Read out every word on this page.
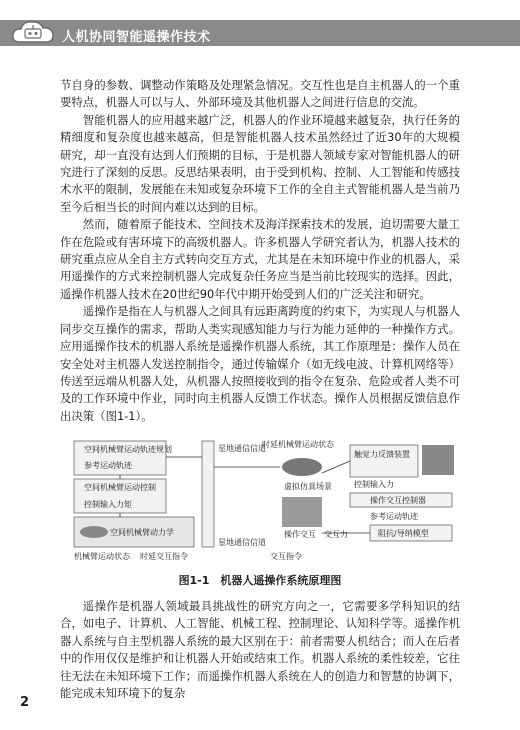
人机协同智能遥操作技术

节自身的参数、调整动作策略及处理紧急情况。交互性也是自主机器人的一个重要特点，机器人可以与人、外部环境及其他机器人之间进行信息的交流。

智能机器人的应用越来越广泛，机器人的作业环境越来越复杂，执行任务的精细度和复杂度也越来越高，但是智能机器人技术虽然经过了近30年的大规模研究，却一直没有达到人们预期的目标，于是机器人领域专家对智能机器人的研究进行了深刻的反思。反思结果表明，由于受到机构、控制、人工智能和传感技术水平的限制，发展能在未知或复杂环境下工作的全自主式智能机器人是当前乃至今后相当长的时间内难以达到的目标。

然而，随着原子能技术、空间技术及海洋探索技术的发展，迫切需要大量工作在危险或有害环境下的高级机器人。许多机器人学研究者认为，机器人技术的研究重点应从全自主方式转向交互方式，尤其是在未知环境中作业的机器人，采用遥操作的方式来控制机器人完成复杂任务应当是当前比较现实的选择。因此，遥操作机器人技术在20世纪90年代中期开始受到人们的广泛关注和研究。

遥操作是指在人与机器人之间具有远距离跨度的约束下，为实现人与机器人同步交互操作的需求，帮助人类实现感知能力与行为能力延伸的一种操作方式。应用遥操作技术的机器人系统是遥操作机器人系统，其工作原理是：操作人员在安全处对主机器人发送控制指令，通过传输媒介（如无线电波、计算机网络等）传送至远端从机器人处，从机器人按照接收到的指令在复杂、危险或者人类不可及的工作环境中作业，同时向主机器人反馈工作状态。操作人员根据反馈信息作出决策（图1-1）。

空间机械臂运动轨迹规划
参考运动轨迹
空间机械臂运动控制
控制输入力矩
空间机械臂动力学
机械臂运动状态
星地通信信道
星地通信信道
时延交互指令
时延机械臂运动状态
虚拟仿真场景
操作交互 交互力
交互指令
触觉力反馈装置
控制输入力
操作交互控制器
参考运动轨迹
阻抗/导纳模型
图1-1　机器人遥操作系统原理图

遥操作是机器人领域最具挑战性的研究方向之一，它需要多学科知识的结合，如电子、计算机、人工智能、机械工程、控制理论、认知科学等。遥操作机器人系统与自主型机器人系统的最大区别在于：前者需要人机结合；而人在后者中的作用仅仅是维护和让机器人开始或结束工作。机器人系统的柔性较差，它往往无法在未知环境下工作；而遥操作机器人系统在人的创造力和智慧的协调下，能完成未知环境下的复杂

2
